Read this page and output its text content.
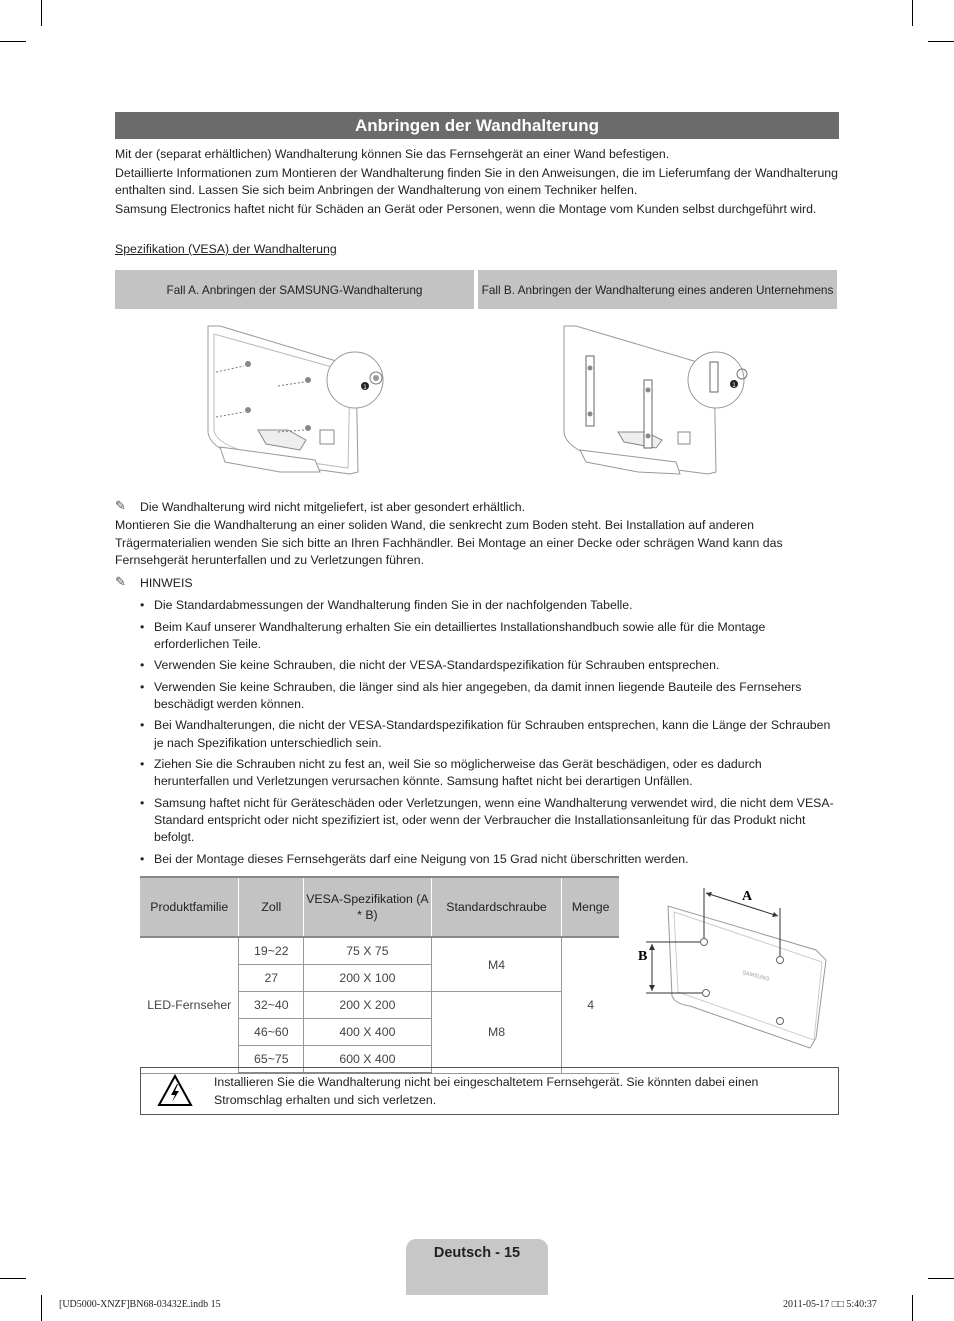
Anbringen der Wandhalterung
Mit der (separat erhältlichen) Wandhalterung können Sie das Fernsehgerät an einer Wand befestigen.
Detaillierte Informationen zum Montieren der Wandhalterung finden Sie in den Anweisungen, die im Lieferumfang der Wandhalterung enthalten sind. Lassen Sie sich beim Anbringen der Wandhalterung von einem Techniker helfen.
Samsung Electronics haftet nicht für Schäden an Gerät oder Personen, wenn die Montage vom Kunden selbst durchgeführt wird.
Spezifikation (VESA) der Wandhalterung
Fall A. Anbringen der SAMSUNG-Wandhalterung	Fall B. Anbringen der Wandhalterung eines anderen Unternehmens
1	1
✎ Die Wandhalterung wird nicht mitgeliefert, ist aber gesondert erhältlich.
Montieren Sie die Wandhalterung an einer soliden Wand, die senkrecht zum Boden steht. Bei Installation auf anderen Trägermaterialien wenden Sie sich bitte an Ihren Fachhändler. Bei Montage an einer Decke oder schrägen Wand kann das Fernsehgerät herunterfallen und zu Verletzungen führen.
✎ HINWEIS
• Die Standardabmessungen der Wandhalterung finden Sie in der nachfolgenden Tabelle.
• Beim Kauf unserer Wandhalterung erhalten Sie ein detailliertes Installationshandbuch sowie alle für die Montage erforderlichen Teile.
• Verwenden Sie keine Schrauben, die nicht der VESA-Standardspezifikation für Schrauben entsprechen.
• Verwenden Sie keine Schrauben, die länger sind als hier angegeben, da damit innen liegende Bauteile des Fernsehers beschädigt werden können.
• Bei Wandhalterungen, die nicht der VESA-Standardspezifikation für Schrauben entsprechen, kann die Länge der Schrauben je nach Spezifikation unterschiedlich sein.
• Ziehen Sie die Schrauben nicht zu fest an, weil Sie so möglicherweise das Gerät beschädigen, oder es dadurch herunterfallen und Verletzungen verursachen könnte. Samsung haftet nicht bei derartigen Unfällen.
• Samsung haftet nicht für Geräteschäden oder Verletzungen, wenn eine Wandhalterung verwendet wird, die nicht dem VESA-Standard entspricht oder nicht spezifiziert ist, oder wenn der Verbraucher die Installationsanleitung für das Produkt nicht befolgt.
• Bei der Montage dieses Fernsehgeräts darf eine Neigung von 15 Grad nicht überschritten werden.
Produktfamilie	Zoll	VESA-Spezifikation (A * B)	Standardschraube	Menge
LED-Fernseher	19~22	75 X 75	M4	4
	27	200 X 100		
	32~40	200 X 200	M8	
	46~60	400 X 400		
	65~75	600 X 400		
A
B
SAMSUNG
Installieren Sie die Wandhalterung nicht bei eingeschaltetem Fernsehgerät. Sie könnten dabei einen Stromschlag erhalten und sich verletzen.
Deutsch - 15
[UD5000-XNZF]BN68-03432E.indb 15	2011-05-17 □□ 5:40:37
